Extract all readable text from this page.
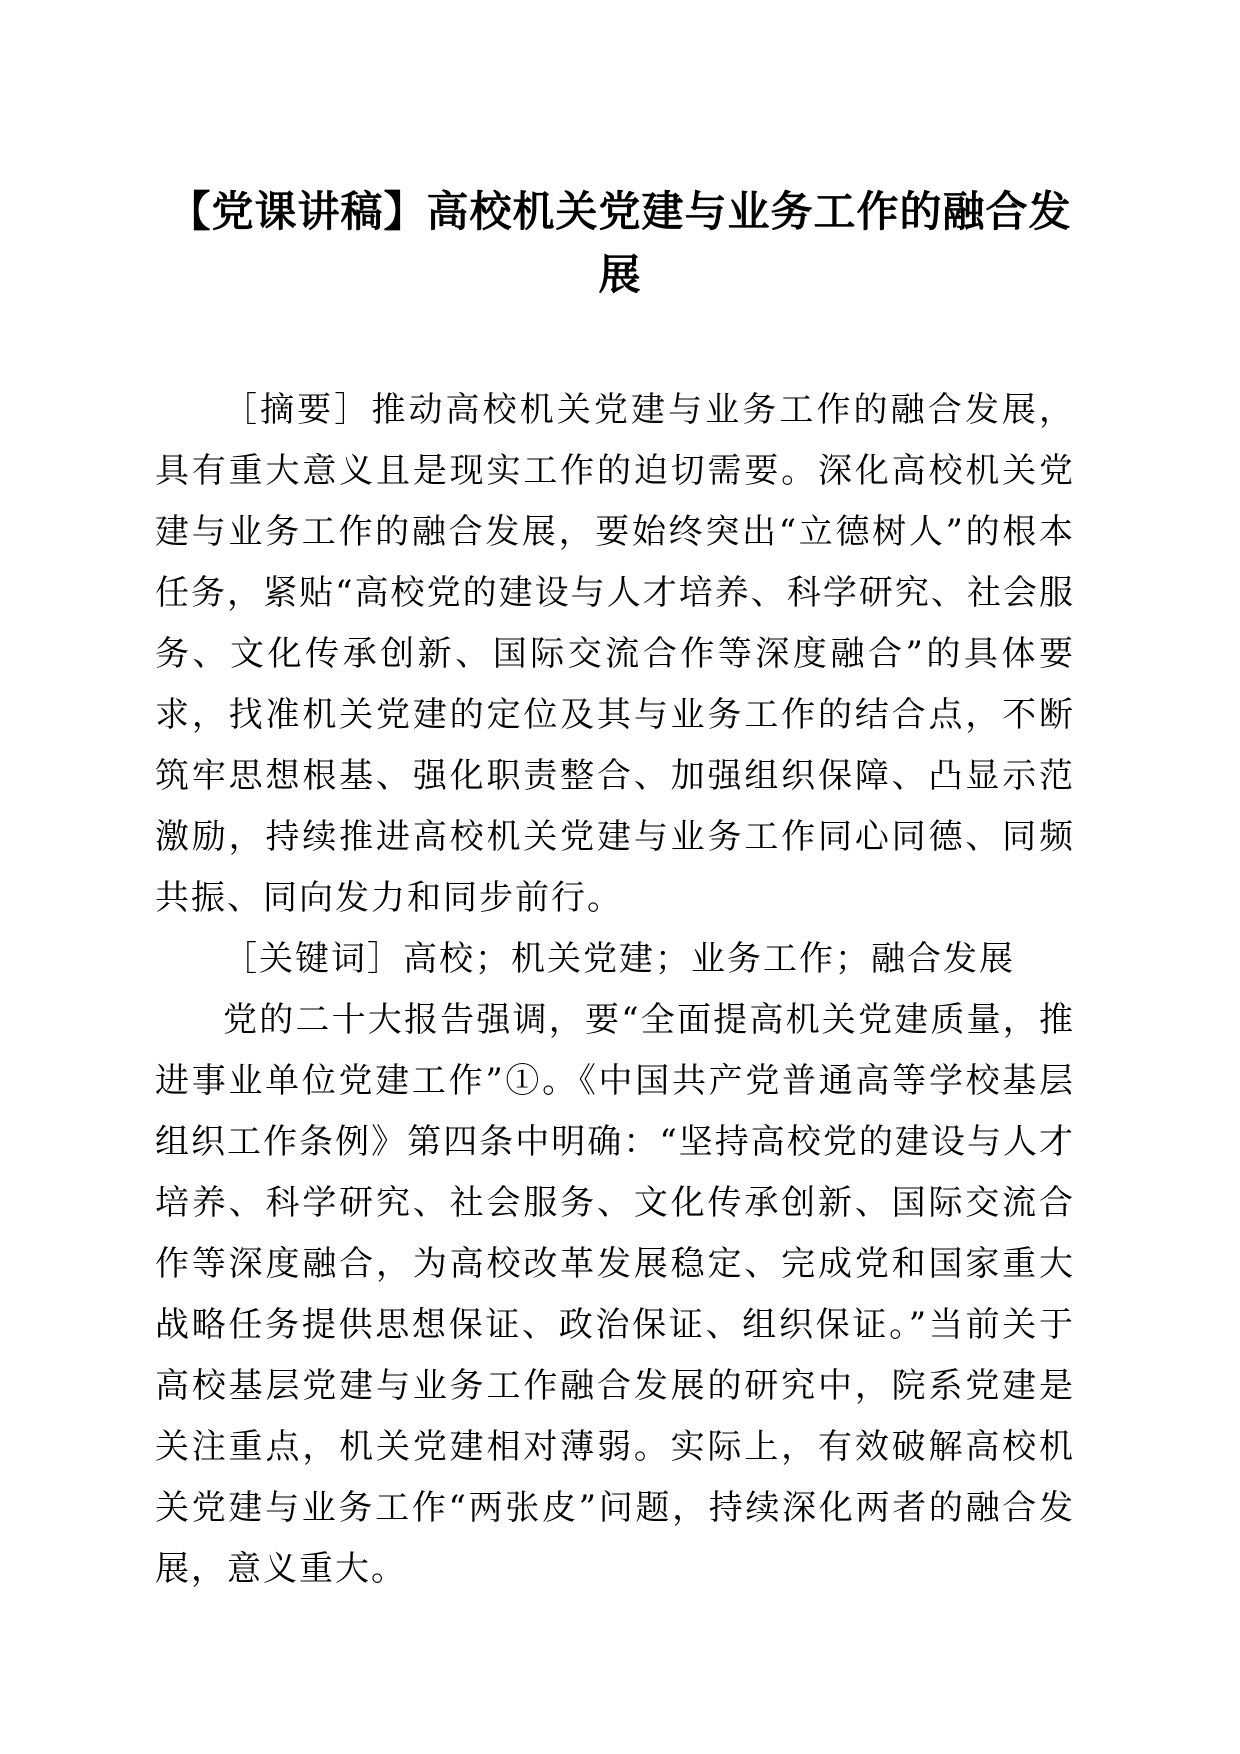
【党课讲稿】高校机关党建与业务工作的融合发展

［摘要］推动高校机关党建与业务工作的融合发展，具有重大意义且是现实工作的迫切需要。深化高校机关党建与业务工作的融合发展，要始终突出“立德树人”的根本任务，紧贴“高校党的建设与人才培养、科学研究、社会服务、文化传承创新、国际交流合作等深度融合”的具体要求，找准机关党建的定位及其与业务工作的结合点，不断筑牢思想根基、强化职责整合、加强组织保障、凸显示范激励，持续推进高校机关党建与业务工作同心同德、同频共振、同向发力和同步前行。

［关键词］高校；机关党建；业务工作；融合发展

党的二十大报告强调，要“全面提高机关党建质量，推进事业单位党建工作”①。《中国共产党普通高等学校基层组织工作条例》第四条中明确：“坚持高校党的建设与人才培养、科学研究、社会服务、文化传承创新、国际交流合作等深度融合，为高校改革发展稳定、完成党和国家重大战略任务提供思想保证、政治保证、组织保证。”当前关于高校基层党建与业务工作融合发展的研究中，院系党建是关注重点，机关党建相对薄弱。实际上，有效破解高校机关党建与业务工作“两张皮”问题，持续深化两者的融合发展，意义重大。
